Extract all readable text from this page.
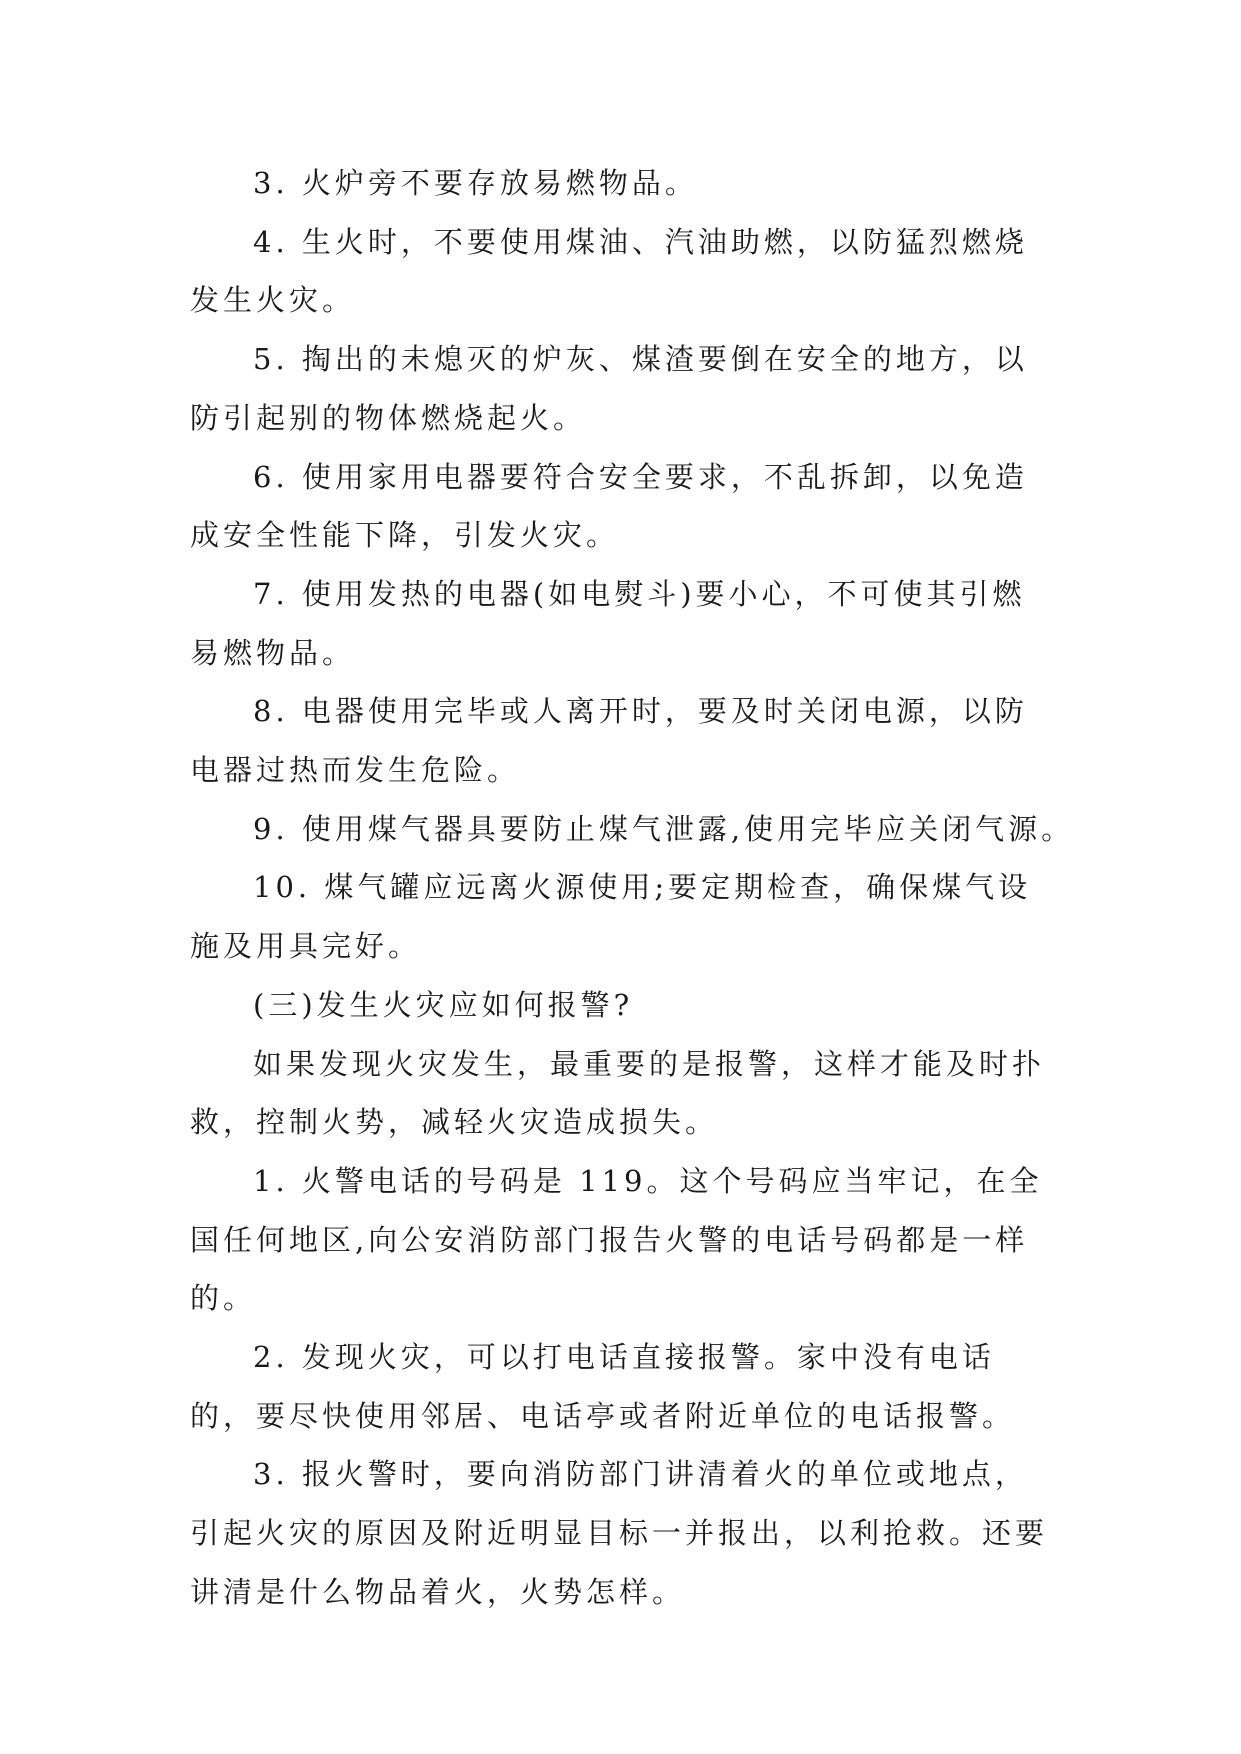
3. 火炉旁不要存放易燃物品。

4. 生火时，不要使用煤油、汽油助燃，以防猛烈燃烧发生火灾。

5. 掏出的未熄灭的炉灰、煤渣要倒在安全的地方，以防引起别的物体燃烧起火。

6. 使用家用电器要符合安全要求，不乱拆卸，以免造成安全性能下降，引发火灾。

7. 使用发热的电器(如电熨斗)要小心，不可使其引燃易燃物品。

8. 电器使用完毕或人离开时，要及时关闭电源，以防电器过热而发生危险。

9. 使用煤气器具要防止煤气泄露,使用完毕应关闭气源。

10. 煤气罐应远离火源使用;要定期检查，确保煤气设施及用具完好。

(三)发生火灾应如何报警?

如果发现火灾发生，最重要的是报警，这样才能及时扑救，控制火势，减轻火灾造成损失。

1. 火警电话的号码是 119。这个号码应当牢记，在全国任何地区,向公安消防部门报告火警的电话号码都是一样的。

2. 发现火灾，可以打电话直接报警。家中没有电话的，要尽快使用邻居、电话亭或者附近单位的电话报警。

3. 报火警时，要向消防部门讲清着火的单位或地点，引起火灾的原因及附近明显目标一并报出，以利抢救。还要讲清是什么物品着火，火势怎样。
